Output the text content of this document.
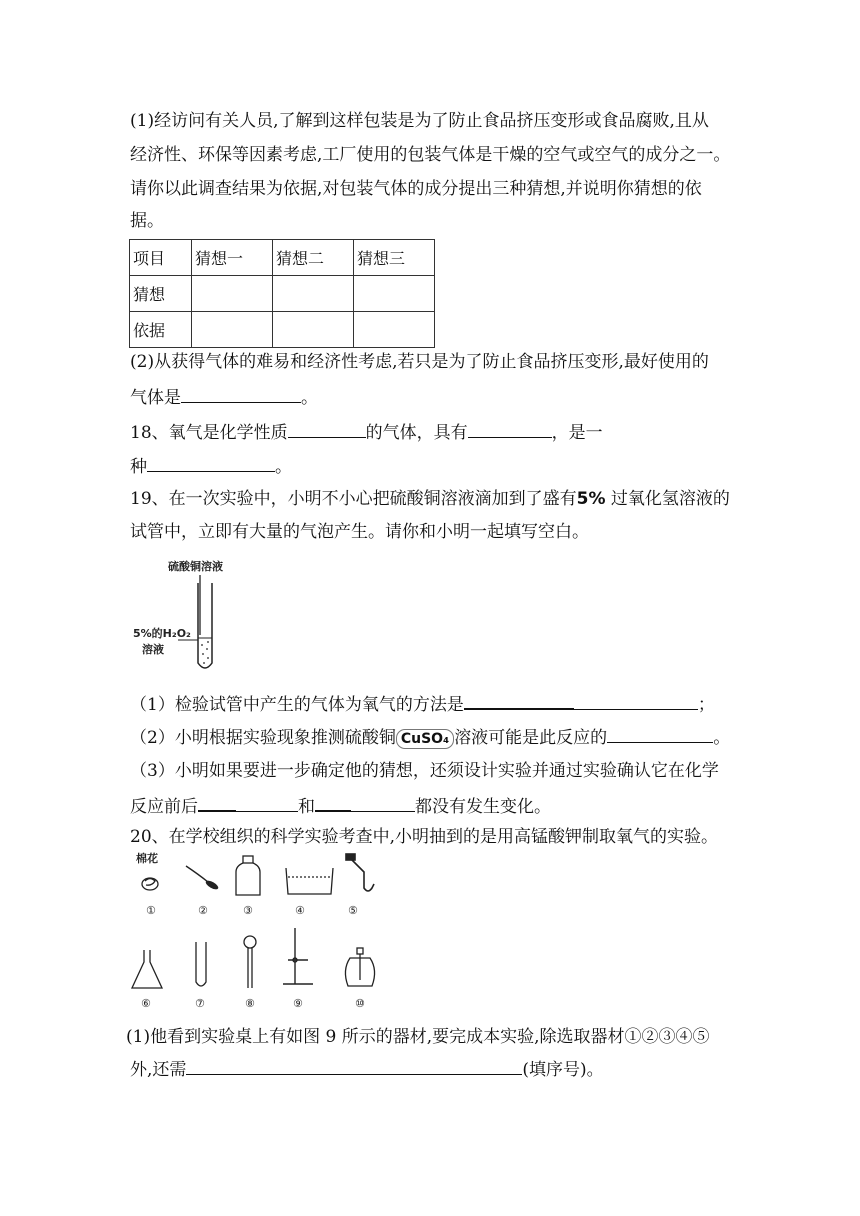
(1)经访问有关人员,了解到这样包装是为了防止食品挤压变形或食品腐败,且从
经济性、环保等因素考虑,工厂使用的包装气体是干燥的空气或空气的成分之一。
请你以此调查结果为依据,对包装气体的成分提出三种猜想,并说明你猜想的依
据。
项目	猜想一	猜想二	猜想三
猜想			
依据			
(2)从获得气体的难易和经济性考虑,若只是为了防止食品挤压变形,最好使用的
气体是	。
18、氧气是化学性质	的气体，具有	，是一
种	。
19、在一次实验中，小明不小心把硫酸铜溶液滴加到了盛有5% 过氧化氢溶液的
试管中，立即有大量的气泡产生。请你和小明一起填写空白。
硫酸铜溶液
5%的H₂O₂
溶液
（1）检验试管中产生的气体为氧气的方法是	；
（2）小明根据实验现象推测硫酸铜 CuSO₄ 溶液可能是此反应的	。
（3）小明如果要进一步确定他的猜想，还须设计实验并通过实验确认它在化学
反应前后	和	都没有发生变化。
20、在学校组织的科学实验考查中,小明抽到的是用高锰酸钾制取氧气的实验。
棉花
①	②	③	④	⑤
⑥	⑦	⑧	⑨	⑩
(1)他看到实验桌上有如图 9 所示的器材,要完成本实验,除选取器材①②③④⑤
外,还需	(填序号)。
